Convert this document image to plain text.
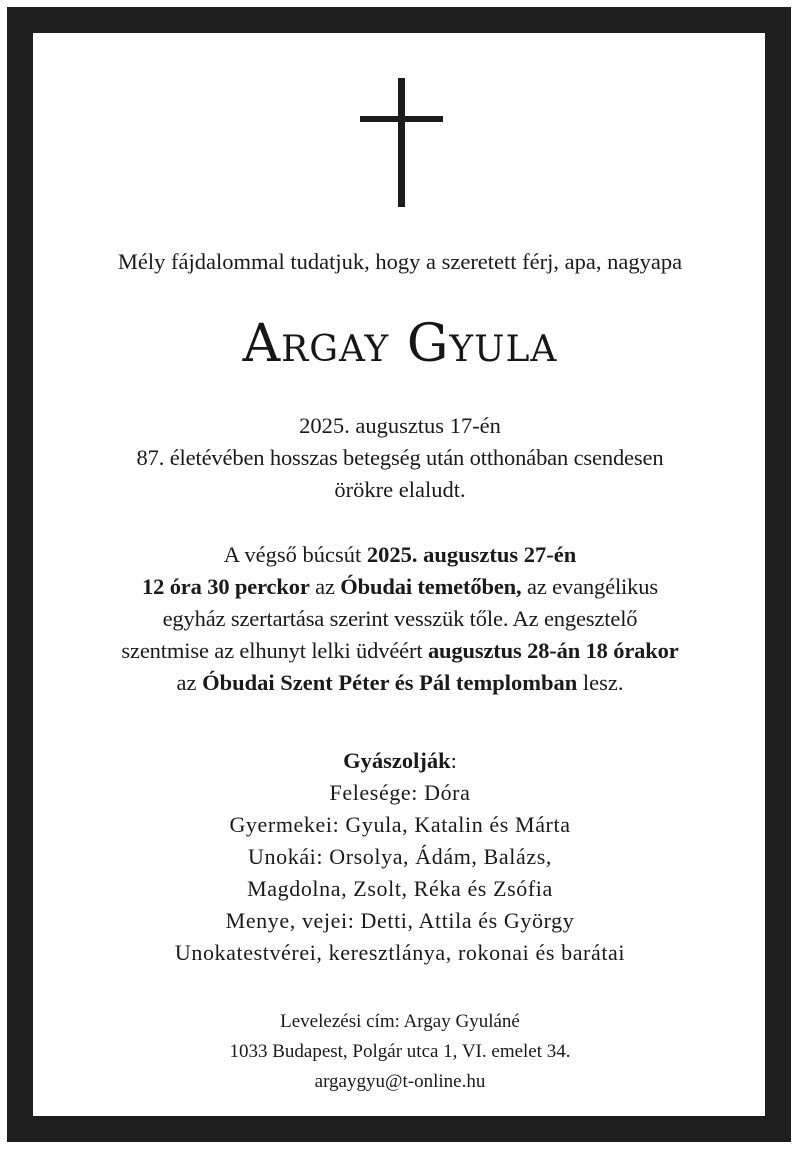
Mély fájdalommal tudatjuk, hogy a szeretett férj, apa, nagyapa
Argay Gyula
2025. augusztus 17-én
87. életévében hosszas betegség után otthonában csendesen
örökre elaludt.
A végső búcsút 2025. augusztus 27-én
12 óra 30 perckor az Óbudai temetőben, az evangélikus
egyház szertartása szerint vesszük tőle. Az engesztelő
szentmise az elhunyt lelki üdvéért augusztus 28-án 18 órakor
az Óbudai Szent Péter és Pál templomban lesz.
Gyászolják:
Felesége: Dóra
Gyermekei: Gyula, Katalin és Márta
Unokái: Orsolya, Ádám, Balázs,
Magdolna, Zsolt, Réka és Zsófia
Menye, vejei: Detti, Attila és György
Unokatestvérei, keresztlánya, rokonai és barátai
Levelezési cím: Argay Gyuláné
1033 Budapest, Polgár utca 1, VI. emelet 34.
argaygyu@t-online.hu
